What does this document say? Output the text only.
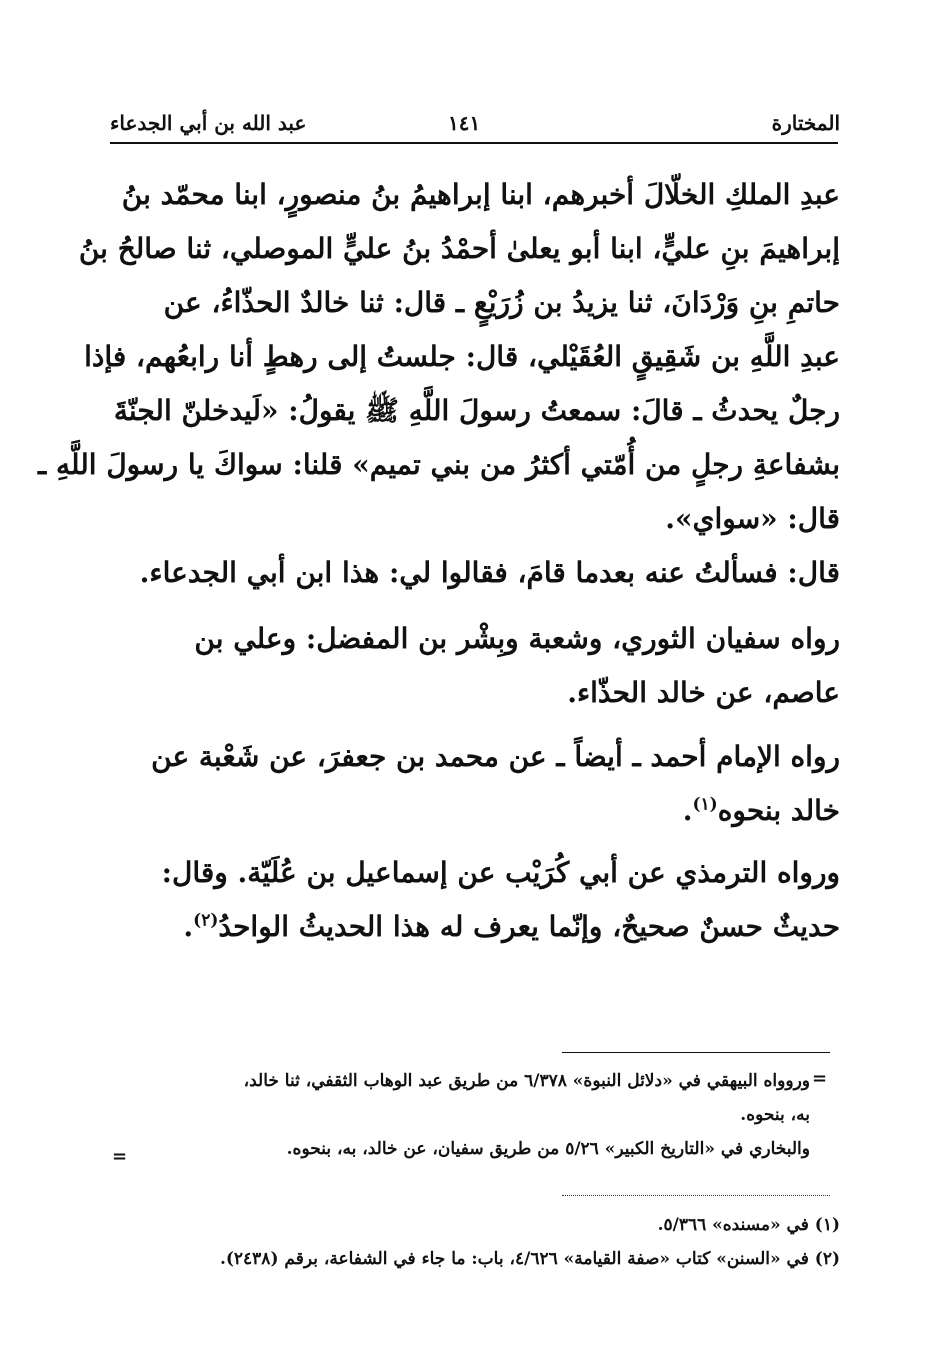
المختارة
١٤١
عبد الله بن أبي الجدعاء
عبدِ الملكِ الخلّالَ أخبرهم، ابنا إبراهيمُ بنُ منصورٍ، ابنا محمّد بنُ
إبراهيمَ بنِ عليٍّ، ابنا أبو يعلىٰ أحمْدُ بنُ عليٍّ الموصلي، ثنا صالحُ بنُ
حاتمِ بنِ وَرْدَانَ، ثنا يزيدُ بن زُرَيْعٍ ـ قال: ثنا خالدٌ الحذّاءُ، عن
عبدِ اللَّهِ بن شَقِيقٍ العُقَيْلي، قال: جلستُ إلى رهطٍ أنا رابعُهم، فإذا
رجلٌ يحدثُ ـ قالَ: سمعتُ رسولَ اللَّهِ ﷺ يقولُ: «لَيدخلنّ الجنّةَ
بشفاعةِ رجلٍ من أُمّتي أكثرُ من بني تميم» قلنا: سواكَ يا رسولَ اللَّهِ ـ
قال: «سواي».
قال: فسألتُ عنه بعدما قامَ، فقالوا لي: هذا ابن أبي الجدعاء.
رواه سفيان الثوري، وشعبة وبِشْر بن المفضل: وعلي بن
عاصم، عن خالد الحذّاء.
رواه الإمام أحمد ـ أيضاً ـ عن محمد بن جعفرَ، عن شَعْبة عن
خالد بنحوه$^{(١)}$.
ورواه الترمذي عن أبي كُرَيْب عن إسماعيل بن عُلَيّة. وقال:
حديثٌ حسنٌ صحيحٌ، وإنّما يعرف له هذا الحديثُ الواحدُ$^{(٢)}$.
=
وروواه البيهقي في «دلائل النبوة» ٦/٣٧٨ من طريق عبد الوهاب الثقفي، ثنا خالد،
به، بنحوه.
والبخاري في «التاريخ الكبير» ٥/٢٦ من طريق سفيان، عن خالد، به، بنحوه.
=
(١) في «مسنده» ٥/٣٦٦.
(٢) في «السنن» كتاب «صفة القيامة» ٤/٦٢٦، باب: ما جاء في الشفاعة، برقم (٢٤٣٨).
